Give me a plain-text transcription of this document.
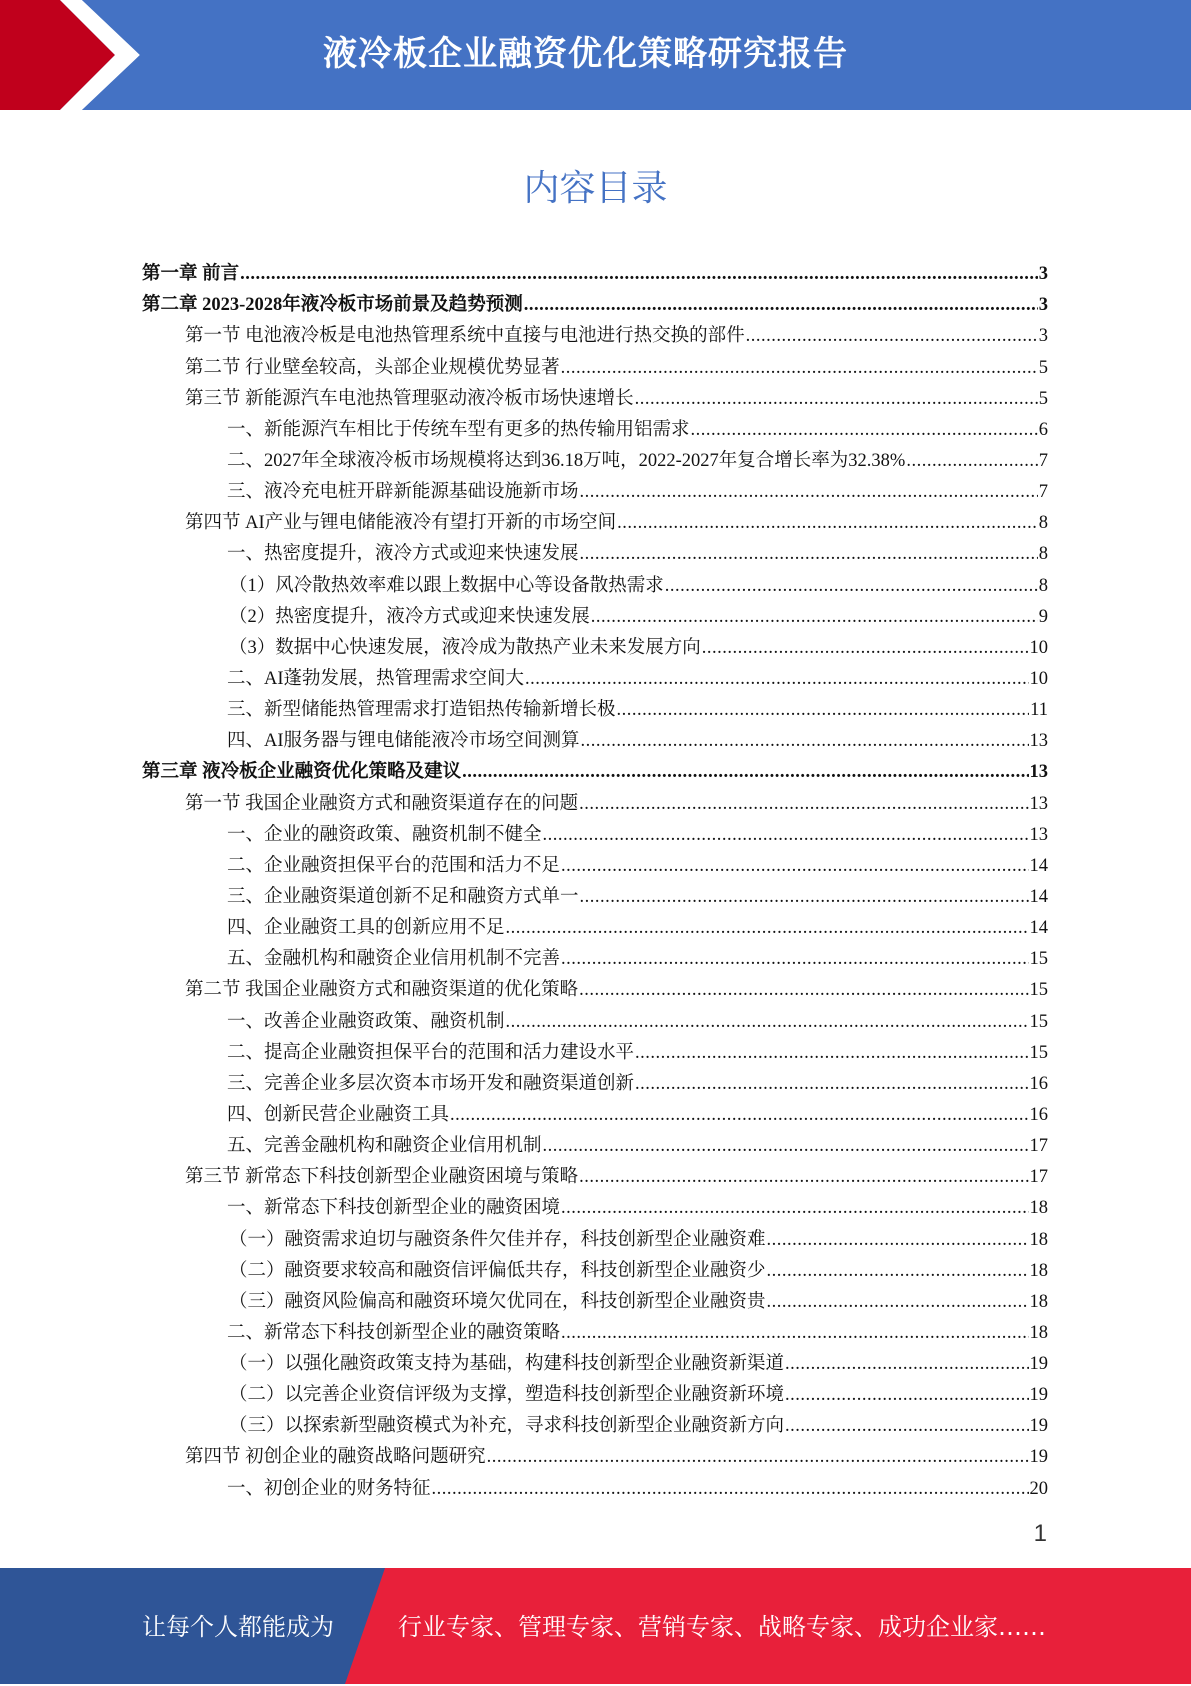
液冷板企业融资优化策略研究报告
内容目录
第一章 前言 .....	3
第二章 2023-2028年液冷板市场前景及趋势预测 .....	3
第一节 电池液冷板是电池热管理系统中直接与电池进行热交换的部件 .....	3
第二节 行业壁垒较高，头部企业规模优势显著 .....	5
第三节 新能源汽车电池热管理驱动液冷板市场快速增长 .....	5
一、新能源汽车相比于传统车型有更多的热传输用铝需求 .....	6
二、2027年全球液冷板市场规模将达到36.18万吨，2022-2027年复合增长率为32.38% .....	7
三、液冷充电桩开辟新能源基础设施新市场 .....	7
第四节 AI产业与锂电储能液冷有望打开新的市场空间 .....	8
一、热密度提升，液冷方式或迎来快速发展 .....	8
（1）风冷散热效率难以跟上数据中心等设备散热需求 .....	8
（2）热密度提升，液冷方式或迎来快速发展 .....	9
（3）数据中心快速发展，液冷成为散热产业未来发展方向 .....	10
二、AI蓬勃发展，热管理需求空间大 .....	10
三、新型储能热管理需求打造铝热传输新增长极 .....	11
四、AI服务器与锂电储能液冷市场空间测算 .....	13
第三章 液冷板企业融资优化策略及建议 .....	13
第一节 我国企业融资方式和融资渠道存在的问题 .....	13
一、企业的融资政策、融资机制不健全 .....	13
二、企业融资担保平台的范围和活力不足 .....	14
三、企业融资渠道创新不足和融资方式单一 .....	14
四、企业融资工具的创新应用不足 .....	14
五、金融机构和融资企业信用机制不完善 .....	15
第二节 我国企业融资方式和融资渠道的优化策略 .....	15
一、改善企业融资政策、融资机制 .....	15
二、提高企业融资担保平台的范围和活力建设水平 .....	15
三、完善企业多层次资本市场开发和融资渠道创新 .....	16
四、创新民营企业融资工具 .....	16
五、完善金融机构和融资企业信用机制 .....	17
第三节 新常态下科技创新型企业融资困境与策略 .....	17
一、新常态下科技创新型企业的融资困境 .....	18
（一）融资需求迫切与融资条件欠佳并存，科技创新型企业融资难 .....	18
（二）融资要求较高和融资信评偏低共存，科技创新型企业融资少 .....	18
（三）融资风险偏高和融资环境欠优同在，科技创新型企业融资贵 .....	18
二、新常态下科技创新型企业的融资策略 .....	18
（一）以强化融资政策支持为基础，构建科技创新型企业融资新渠道 .....	19
（二）以完善企业资信评级为支撑，塑造科技创新型企业融资新环境 .....	19
（三）以探索新型融资模式为补充，寻求科技创新型企业融资新方向 .....	19
第四节 初创企业的融资战略问题研究 .....	19
一、初创企业的财务特征 .....	20
1
让每个人都能成为	行业专家、管理专家、营销专家、战略专家、成功企业家……
